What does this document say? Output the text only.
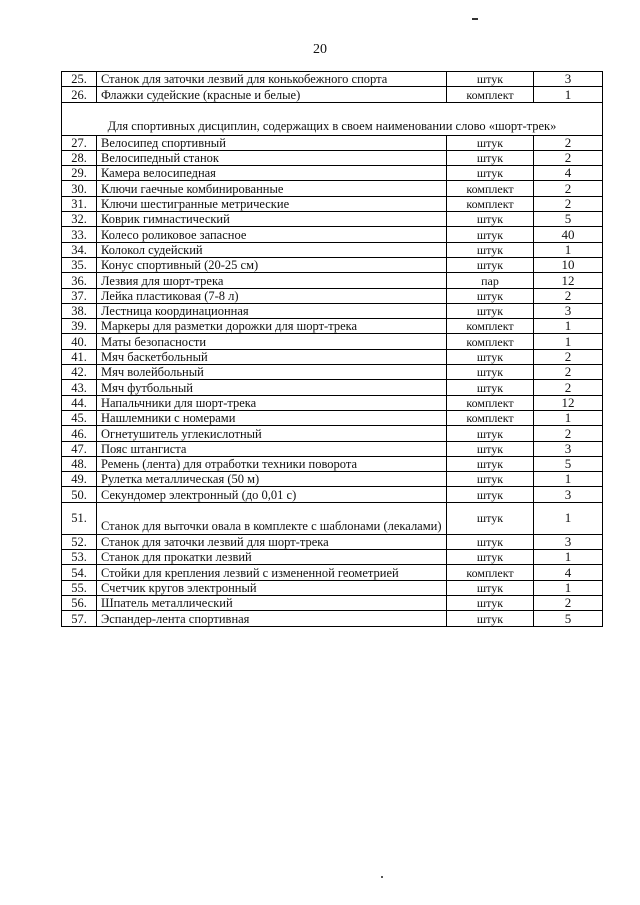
20
25.	Станок для заточки лезвий для конькобежного спорта	штук	3
26.	Флажки судейские (красные и белые)	комплект	1
Для спортивных дисциплин, содержащих в своем наименовании слово «шорт-трек»			
27.	Велосипед спортивный	штук	2
28.	Велосипедный станок	штук	2
29.	Камера велосипедная	штук	4
30.	Ключи гаечные комбинированные	комплект	2
31.	Ключи шестигранные метрические	комплект	2
32.	Коврик гимнастический	штук	5
33.	Колесо роликовое запасное	штук	40
34.	Колокол судейский	штук	1
35.	Конус спортивный (20-25 см)	штук	10
36.	Лезвия для шорт-трека	пар	12
37.	Лейка пластиковая (7-8 л)	штук	2
38.	Лестница координационная	штук	3
39.	Маркеры для разметки дорожки для шорт-трека	комплект	1
40.	Маты безопасности	комплект	1
41.	Мяч баскетбольный	штук	2
42.	Мяч волейбольный	штук	2
43.	Мяч футбольный	штук	2
44.	Напальчники для шорт-трека	комплект	12
45.	Нашлемники с номерами	комплект	1
46.	Огнетушитель углекислотный	штук	2
47.	Пояс штангиста	штук	3
48.	Ремень (лента) для отработки техники поворота	штук	5
49.	Рулетка металлическая (50 м)	штук	1
50.	Секундомер электронный (до 0,01 с)	штук	3
51.	Станок для выточки овала в комплекте с шаблонами (лекалами)	штук	1
52.	Станок для заточки лезвий для шорт-трека	штук	3
53.	Станок для прокатки лезвий	штук	1
54.	Стойки для крепления лезвий с измененной геометрией	комплект	4
55.	Счетчик кругов электронный	штук	1
56.	Шпатель металлический	штук	2
57.	Эспандер-лента спортивная	штук	5
